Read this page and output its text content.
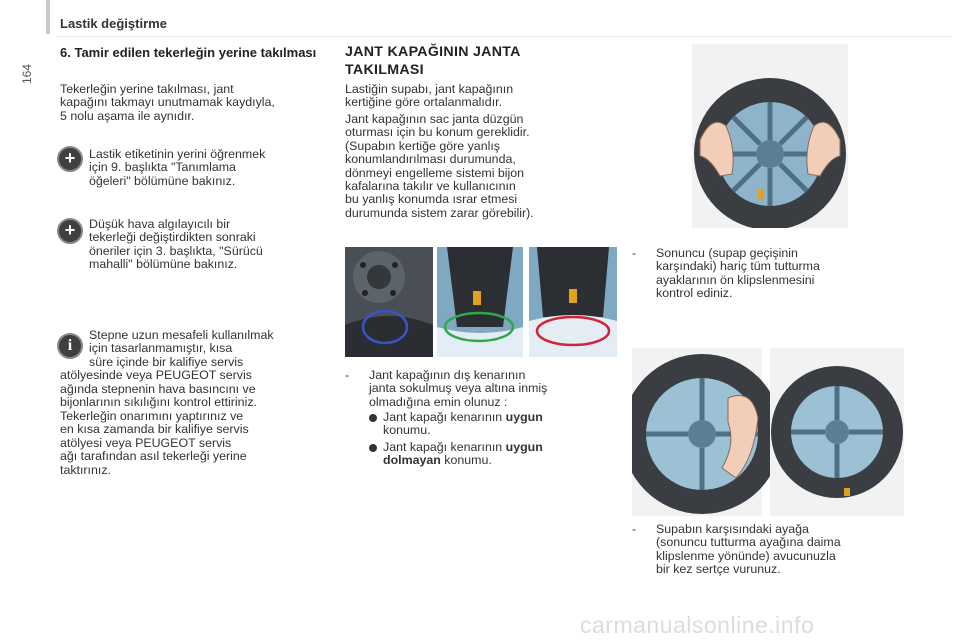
164
Lastik değiştirme
6. Tamir edilen tekerleğin yerine takılması
Tekerleğin yerine takılması, jant
kapağını takmayı unutmamak kaydıyla,
5 nolu aşama ile aynıdır.
+	Lastik etiketinin yerini öğrenmek
için 9. başlıkta "Tanımlama
öğeleri" bölümüne bakınız.
+	Düşük hava algılayıcılı bir
tekerleği değiştirdikten sonraki
öneriler için 3. başlıkta, "Sürücü
mahalli" bölümüne bakınız.
i
Stepne uzun mesafeli kullanılmak
için tasarlanmamıştır, kısa
süre içinde bir kalifiye servis
atölyesinde veya PEUGEOT servis
ağında stepnenin hava basıncını ve
bijonlarının sıkılığını kontrol ettiriniz.
Tekerleğin onarımını yaptırınız ve
en kısa zamanda bir kalifiye servis
atölyesi veya PEUGEOT servis
ağı tarafından asıl tekerleği yerine
taktırınız.
JANT KAPAĞININ JANTA
TAKILMASI
Lastiğin supabı, jant kapağının
kertiğine göre ortalanmalıdır.
Jant kapağının sac janta düzgün
oturması için bu konum gereklidir.
(Supabın kertiğe göre yanlış
konumlandırılması durumunda,
dönmeyi engelleme sistemi bijon
kafalarına takılır ve kullanıcının
bu yanlış konumda ısrar etmesi
durumunda sistem zarar görebilir).
-	Jant kapağının dış kenarının
janta sokulmuş veya altına inmiş
olmadığına emin olunuz :
Jant kapağı kenarının uygun
konumu.
Jant kapağı kenarının uygun
dolmayan konumu.
-	Sonuncu (supap geçişinin
karşındaki) hariç tüm tutturma
ayaklarının ön klipslenmesini
kontrol ediniz.
-	Supabın karşısındaki ayağa
(sonuncu tutturma ayağına daima
klipslenme yönünde) avucunuzla
bir kez sertçe vurunuz.
carmanualsonline.info
